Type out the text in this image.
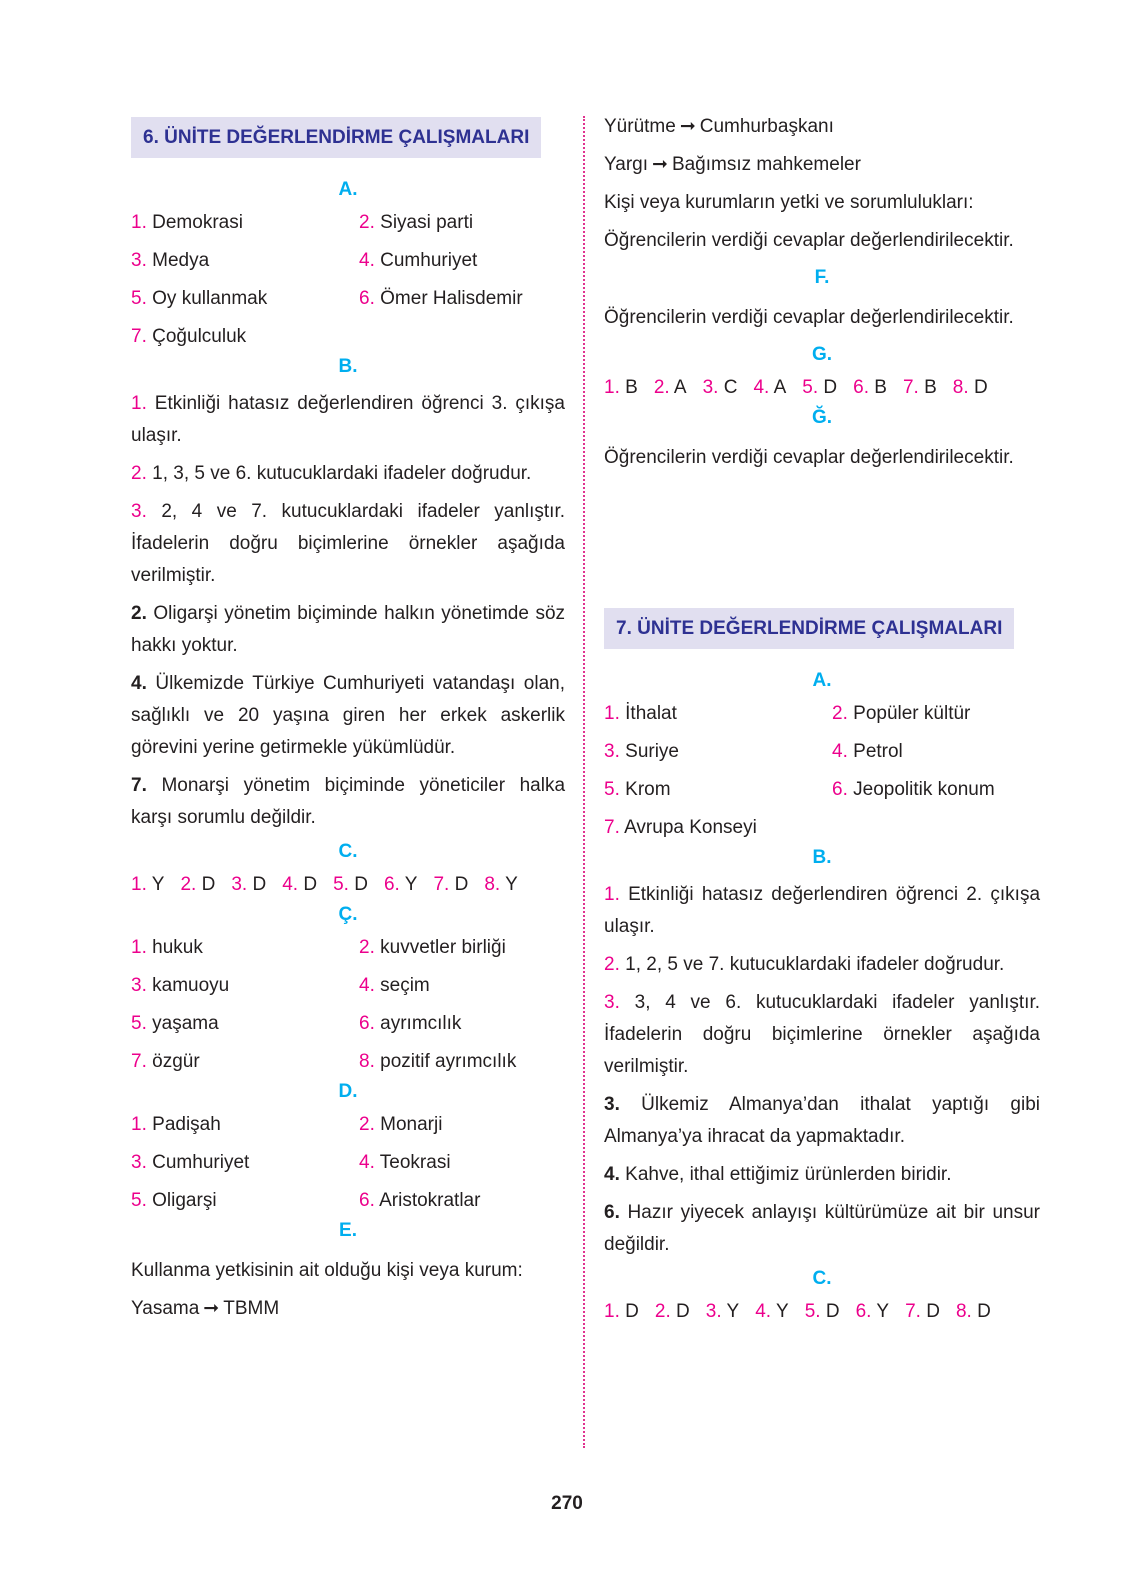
6. ÜNİTE DEĞERLENDİRME ÇALIŞMALARI
A.
1. Demokrasi	2. Siyasi parti
3. Medya	4. Cumhuriyet
5. Oy kullanmak	6. Ömer Halisdemir
7. Çoğulculuk
B.
1. Etkinliği hatasız değerlendiren öğrenci 3. çıkışa ulaşır.
2. 1, 3, 5 ve 6. kutucuklardaki ifadeler doğrudur.
3. 2, 4 ve 7. kutucuklardaki ifadeler yanlıştır. İfadelerin doğru biçimlerine örnekler aşağıda verilmiştir.
2. Oligarşi yönetim biçiminde halkın yönetimde söz hakkı yoktur.
4. Ülkemizde Türkiye Cumhuriyeti vatandaşı olan, sağlıklı ve 20 yaşına giren her erkek askerlik görevini yerine getirmekle yükümlüdür.
7. Monarşi yönetim biçiminde yöneticiler halka karşı sorumlu değildir.
C.
1. Y 2. D 3. D 4. D 5. D 6. Y 7. D 8. Y
Ç.
1. hukuk	2. kuvvetler birliği
3. kamuoyu	4. seçim
5. yaşama	6. ayrımcılık
7. özgür	8. pozitif ayrımcılık
D.
1. Padişah	2. Monarji
3. Cumhuriyet	4. Teokrasi
5. Oligarşi	6. Aristokratlar
E.
Kullanma yetkisinin ait olduğu kişi veya kurum:
Yasama ➞ TBMM
Yürütme ➞ Cumhurbaşkanı
Yargı ➞ Bağımsız mahkemeler
Kişi veya kurumların yetki ve sorumlulukları:
Öğrencilerin verdiği cevaplar değerlendirilecektir.
F.
Öğrencilerin verdiği cevaplar değerlendirilecektir.
G.
1. B 2. A 3. C 4. A 5. D 6. B 7. B 8. D
Ğ.
Öğrencilerin verdiği cevaplar değerlendirilecektir.
7. ÜNİTE DEĞERLENDİRME ÇALIŞMALARI
A.
1. İthalat	2. Popüler kültür
3. Suriye	4. Petrol
5. Krom	6. Jeopolitik konum
7. Avrupa Konseyi
B.
1. Etkinliği hatasız değerlendiren öğrenci 2. çıkışa ulaşır.
2. 1, 2, 5 ve 7. kutucuklardaki ifadeler doğrudur.
3. 3, 4 ve 6. kutucuklardaki ifadeler yanlıştır. İfadelerin doğru biçimlerine örnekler aşağıda verilmiştir.
3. Ülkemiz Almanya’dan ithalat yaptığı gibi Almanya’ya ihracat da yapmaktadır.
4. Kahve, ithal ettiğimiz ürünlerden biridir.
6. Hazır yiyecek anlayışı kültürümüze ait bir unsur değildir.
C.
1. D 2. D 3. Y 4. Y 5. D 6. Y 7. D 8. D
270
